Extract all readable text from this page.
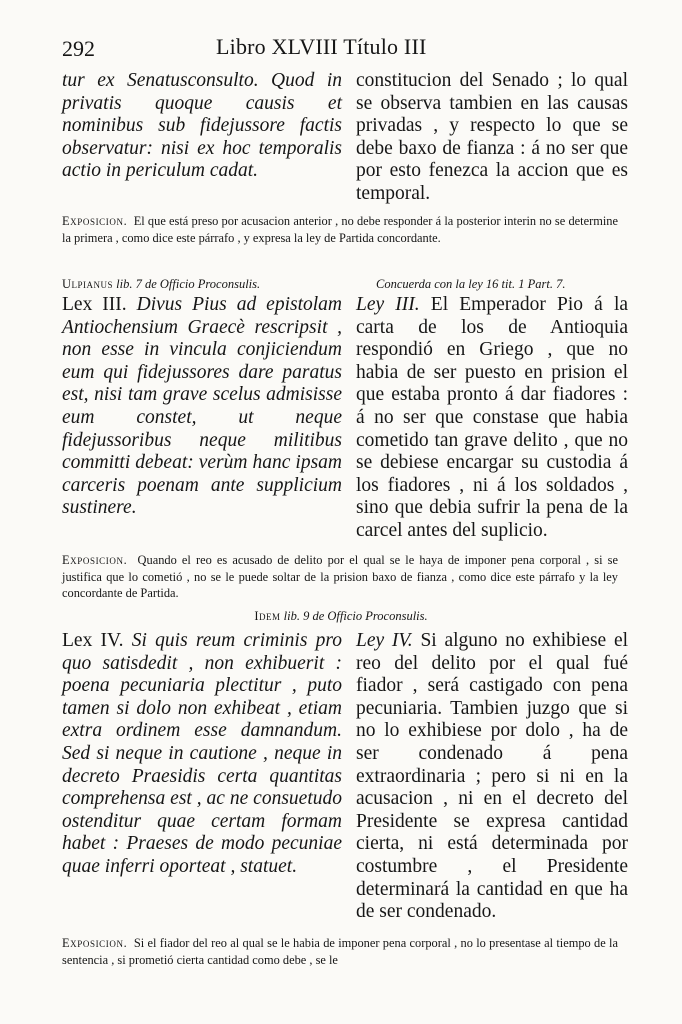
292	Libro XLVIII Título III
tur ex Senatusconsulto. Quod in privatis quoque causis et nominibus sub fidejussore factis observatur: nisi ex hoc temporalis actio in periculum cadat.
constitucion del Senado ; lo qual se observa tambien en las causas privadas , y respecto lo que se debe baxo de fianza : á no ser que por esto fenezca la accion que es temporal.
Exposicion. El que está preso por acusacion anterior , no debe responder á la posterior interin no se determine la primera , como dice este párrafo , y expresa la ley de Partida concordante.
Ulpianus lib. 7 de Officio Proconsulis.	Concuerda con la ley 16 tit. 1 Part. 7.
Lex III. Divus Pius ad epistolam Antiochensium Graecè rescripsit , non esse in vincula conjiciendum eum qui fidejussores dare paratus est, nisi tam grave scelus admisisse eum constet, ut neque fidejussoribus neque militibus committi debeat: verùm hanc ipsam carceris poenam ante supplicium sustinere.
Ley III. El Emperador Pio á la carta de los de Antioquia respondió en Griego , que no habia de ser puesto en prision el que estaba pronto á dar fiadores : á no ser que constase que habia cometido tan grave delito , que no se debiese encargar su custodia á los fiadores , ni á los soldados , sino que debia sufrir la pena de la carcel antes del suplicio.
Exposicion. Quando el reo es acusado de delito por el qual se le haya de imponer pena corporal , si se justifica que lo cometió , no se le puede soltar de la prision baxo de fianza , como dice este párrafo y la ley concordante de Partida.
Idem lib. 9 de Officio Proconsulis.
Lex IV. Si quis reum criminis pro quo satisdedit , non exhibuerit : poena pecuniaria plectitur , puto tamen si dolo non exhibeat , etiam extra ordinem esse damnandum. Sed si neque in cautione , neque in decreto Praesidis certa quantitas comprehensa est , ac ne consuetudo ostenditur quae certam formam habet : Praeses de modo pecuniae quae inferri oporteat , statuet.
Ley IV. Si alguno no exhibiese el reo del delito por el qual fué fiador , será castigado con pena pecuniaria. Tambien juzgo que si no lo exhibiese por dolo , ha de ser condenado á pena extraordinaria ; pero si ni en la acusacion , ni en el decreto del Presidente se expresa cantidad cierta, ni está determinada por costumbre , el Presidente determinará la cantidad en que ha de ser condenado.
Exposicion. Si el fiador del reo al qual se le habia de imponer pena corporal , no lo presentase al tiempo de la sentencia , si prometió cierta cantidad como debe , se le
